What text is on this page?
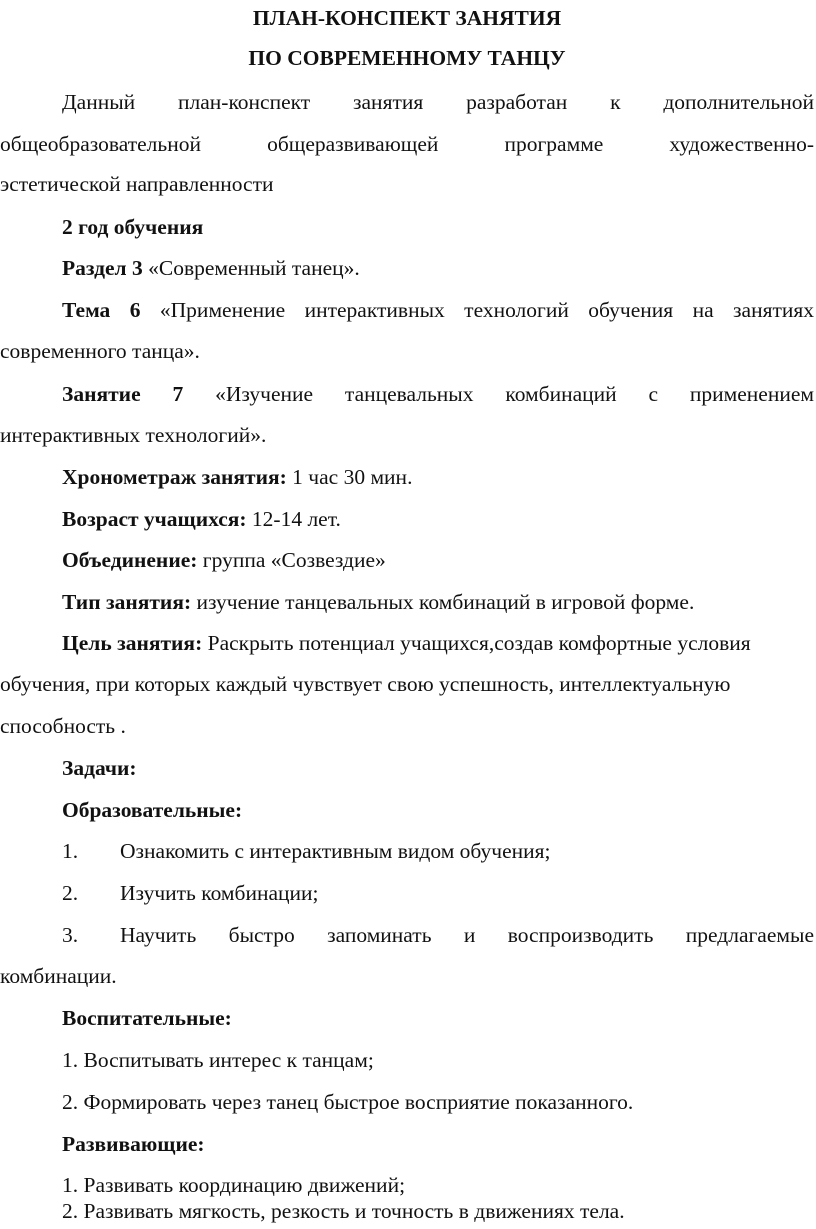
ПЛАН-КОНСПЕКТ ЗАНЯТИЯ
ПО СОВРЕМЕННОМУ ТАНЦУ
Данный план-конспект занятия разработан к дополнительной
общеобразовательной общеразвивающей программе художественно-
эстетической направленности
2 год обучения
Раздел 3 «Современный танец».
Тема 6 «Применение интерактивных технологий обучения на занятиях
современного танца».
Занятие 7 «Изучение танцевальных комбинаций с применением
интерактивных технологий».
Хронометраж занятия: 1 час 30 мин.
Возраст учащихся: 12-14 лет.
Объединение: группа «Созвездие»
Тип занятия: изучение танцевальных комбинаций в игровой форме.
Цель занятия: Раскрыть потенциал учащихся,создав комфортные условия
обучения, при которых каждый чувствует свою успешность, интеллектуальную
способность .
Задачи:
Образовательные:
1. Ознакомить с интерактивным видом обучения;
2. Изучить комбинации;
3. Научить быстро запоминать и воспроизводить предлагаемые
комбинации.
Воспитательные:
1. Воспитывать интерес к танцам;
2. Формировать через танец быстрое восприятие показанного.
Развивающие:
1. Развивать координацию движений;
2. Развивать мягкость, резкость и точность в движениях тела.
